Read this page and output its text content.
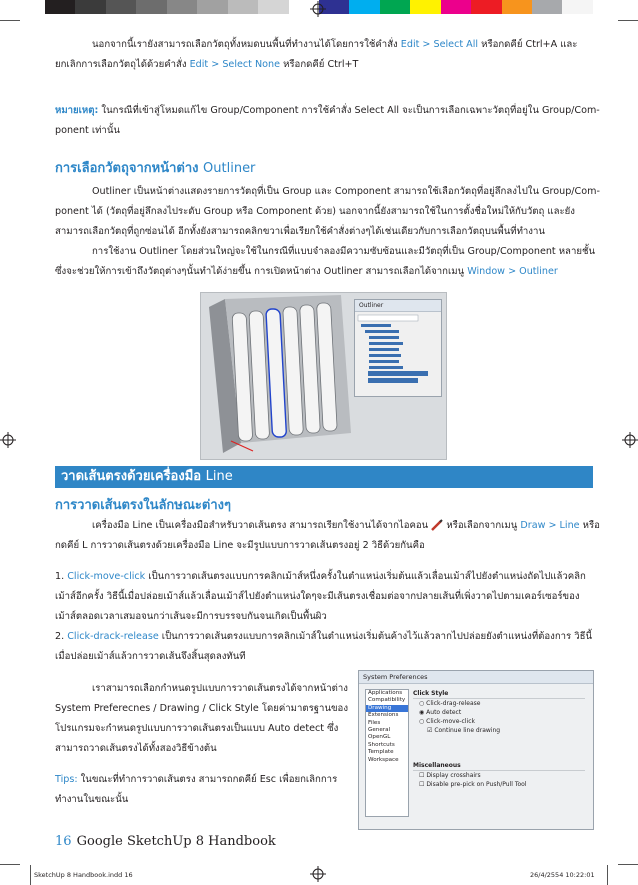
นอกจากนี้เรายังสามารถเลือกวัตถุทั้งหมดบนพื้นที่ทำงานได้โดยการใช้คำสั่ง Edit > Select All หรือกดคีย์ Ctrl+A และ
ยกเลิกการเลือกวัตถุได้ด้วยคำสั่ง Edit > Select None หรือกดคีย์ Ctrl+T
หมายเหตุ: ในกรณีที่เข้าสู่โหมดแก้ไข Group/Component การใช้คำสั่ง Select All จะเป็นการเลือกเฉพาะวัตถุที่อยู่ใน Group/Com-
ponent เท่านั้น
การเลือกวัตถุจากหน้าต่าง Outliner
Outliner เป็นหน้าต่างแสดงรายการวัตถุที่เป็น Group และ Component สามารถใช้เลือกวัตถุที่อยู่ลึกลงไปใน Group/Com-
ponent ได้ (วัตถุที่อยู่ลึกลงไประดับ Group หรือ Component ด้วย) นอกจากนี้ยังสามารถใช้ในการตั้งชื่อใหม่ให้กับวัตถุ และยัง
สามารถเลือกวัตถุที่ถูกซ่อนได้ อีกทั้งยังสามารถคลิกขวาเพื่อเรียกใช้คำสั่งต่างๆได้เช่นเดียวกับการเลือกวัตถุบนพื้นที่ทำงาน
การใช้งาน Outliner โดยส่วนใหญ่จะใช้ในกรณีที่แบบจำลองมีความซับซ้อนและมีวัตถุที่เป็น Group/Component หลายชั้น
ซึ่งจะช่วยให้การเข้าถึงวัตถุต่างๆนั้นทำได้ง่ายขึ้น การเปิดหน้าต่าง Outliner สามารถเลือกได้จากเมนู Window > Outliner
Outliner
วาดเส้นตรงด้วยเครื่องมือ Line
การวาดเส้นตรงในลักษณะต่างๆ
เครื่องมือ Line เป็นเครื่องมือสำหรับวาดเส้นตรง สามารถเรียกใช้งานได้จากไอคอน หรือเลือกจากเมนู Draw > Line หรือ
กดคีย์ L การวาดเส้นตรงด้วยเครื่องมือ Line จะมีรูปแบบการวาดเส้นตรงอยู่ 2 วิธีด้วยกันคือ
1. Click-move-click เป็นการวาดเส้นตรงแบบการคลิกเม้าส์หนึ่งครั้งในตำแหน่งเริ่มต้นแล้วเลื่อนเม้าส์ไปยังตำแหน่งถัดไปแล้วคลิก
เม้าส์อีกครั้ง วิธีนี้เมื่อปล่อยเม้าส์แล้วเลื่อนเม้าส์ไปยังตำแหน่งใดๆจะมีเส้นตรงเชื่อมต่อจากปลายเส้นที่เพิ่งวาดไปตามเคอร์เซอร์ของ
เม้าส์ตลอดเวลาเสมอจนกว่าเส้นจะมีการบรรจบกันจนเกิดเป็นพื้นผิว
2. Click-drack-release เป็นการวาดเส้นตรงแบบการคลิกเม้าส์ในตำแหน่งเริ่มต้นค้างไว้แล้วลากไปปล่อยยังตำแหน่งที่ต้องการ วิธีนี้
เมื่อปล่อยเม้าส์แล้วการวาดเส้นจึงสิ้นสุดลงทันที
เราสามารถเลือกกำหนดรูปแบบการวาดเส้นตรงได้จากหน้าต่าง
System Preferecnes / Drawing / Click Style โดยค่ามาตรฐานของ
โปรแกรมจะกำหนดรูปแบบการวาดเส้นตรงเป็นแบบ Auto detect ซึ่ง
สามารถวาดเส้นตรงได้ทั้งสองวิธีข้างต้น
Tips: ในขณะที่ทำการวาดเส้นตรง สามารถกดคีย์ Esc เพื่อยกเลิกการ
ทำงานในขณะนั้น
System Preferences
Applications
Compatibility
Drawing
Extensions
Files
General
OpenGL
Shortcuts
Template
Workspace
Click Style
○ Click-drag-release
◉ Auto detect
○ Click-move-click
☑ Continue line drawing
Miscellaneous
☐ Display crosshairs
☐ Disable pre-pick on Push/Pull Tool
16 Google SketchUp 8 Handbook
SketchUp 8 Handbook.indd 16	26/4/2554 10:22:01
